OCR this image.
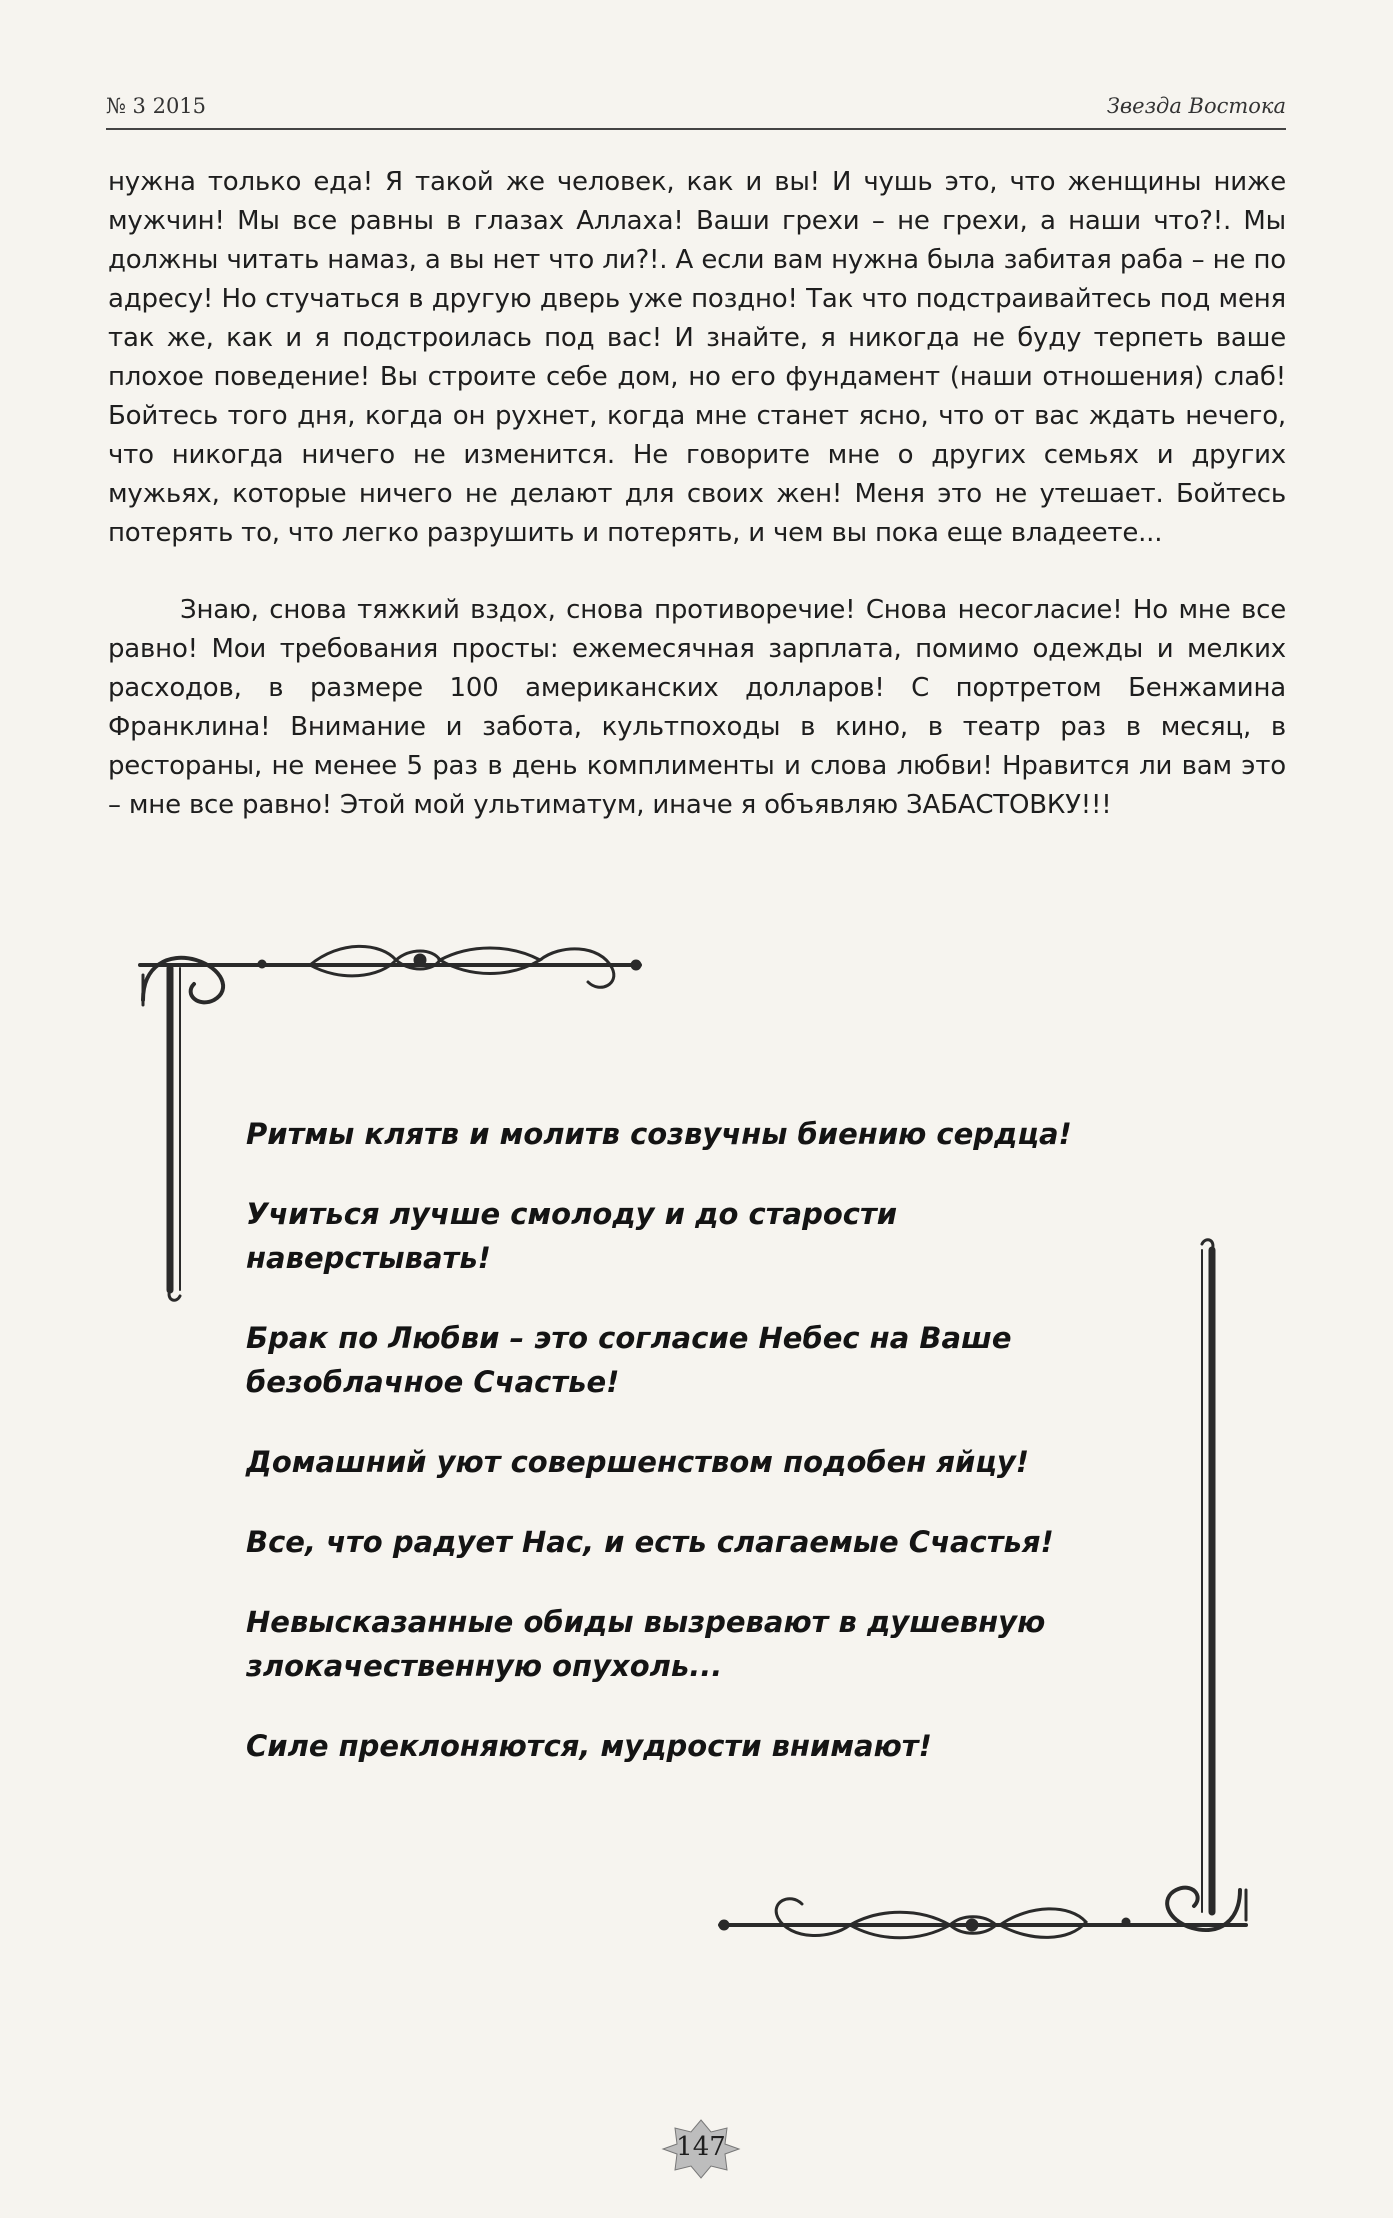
№ 3 2015	Звезда Востока

нужна только еда! Я такой же человек, как и вы! И чушь это, что женщины ниже мужчин! Мы все равны в глазах Аллаха! Ваши грехи – не грехи, а наши что?!. Мы должны читать намаз, а вы нет что ли?!. А если вам нужна была забитая раба – не по адресу! Но стучаться в другую дверь уже поздно! Так что подстраивайтесь под меня так же, как и я подстроилась под вас! И знайте, я никогда не буду терпеть ваше плохое поведение! Вы строите себе дом, но его фундамент (наши отношения) слаб! Бойтесь того дня, когда он рухнет, когда мне станет ясно, что от вас ждать нечего, что никогда ничего не изменится. Не говорите мне о других семьях и других мужьях, которые ничего не делают для своих жен! Меня это не утешает. Бойтесь потерять то, что легко разрушить и потерять, и чем вы пока еще владеете...

Знаю, снова тяжкий вздох, снова противоречие! Снова несогласие! Но мне все равно! Мои требования просты: ежемесячная зарплата, помимо одежды и мелких расходов, в размере 100 американских долларов! С портретом Бенжамина Франклина! Внимание и забота, культпоходы в кино, в театр раз в месяц, в рестораны, не менее 5 раз в день комплименты и слова любви! Нравится ли вам это – мне все равно! Этой мой ультиматум, иначе я объявляю ЗАБАСТОВКУ!!!

Ритмы клятв и молитв созвучны биению сердца!
Учиться лучше смолоду и до старости наверстывать!
Брак по Любви – это согласие Небес на Ваше безоблачное Счастье!
Домашний уют совершенством подобен яйцу!
Все, что радует Нас, и есть слагаемые Счастья!
Невысказанные обиды вызревают в душевную злокачественную опухоль...
Силе преклоняются, мудрости внимают!
147
